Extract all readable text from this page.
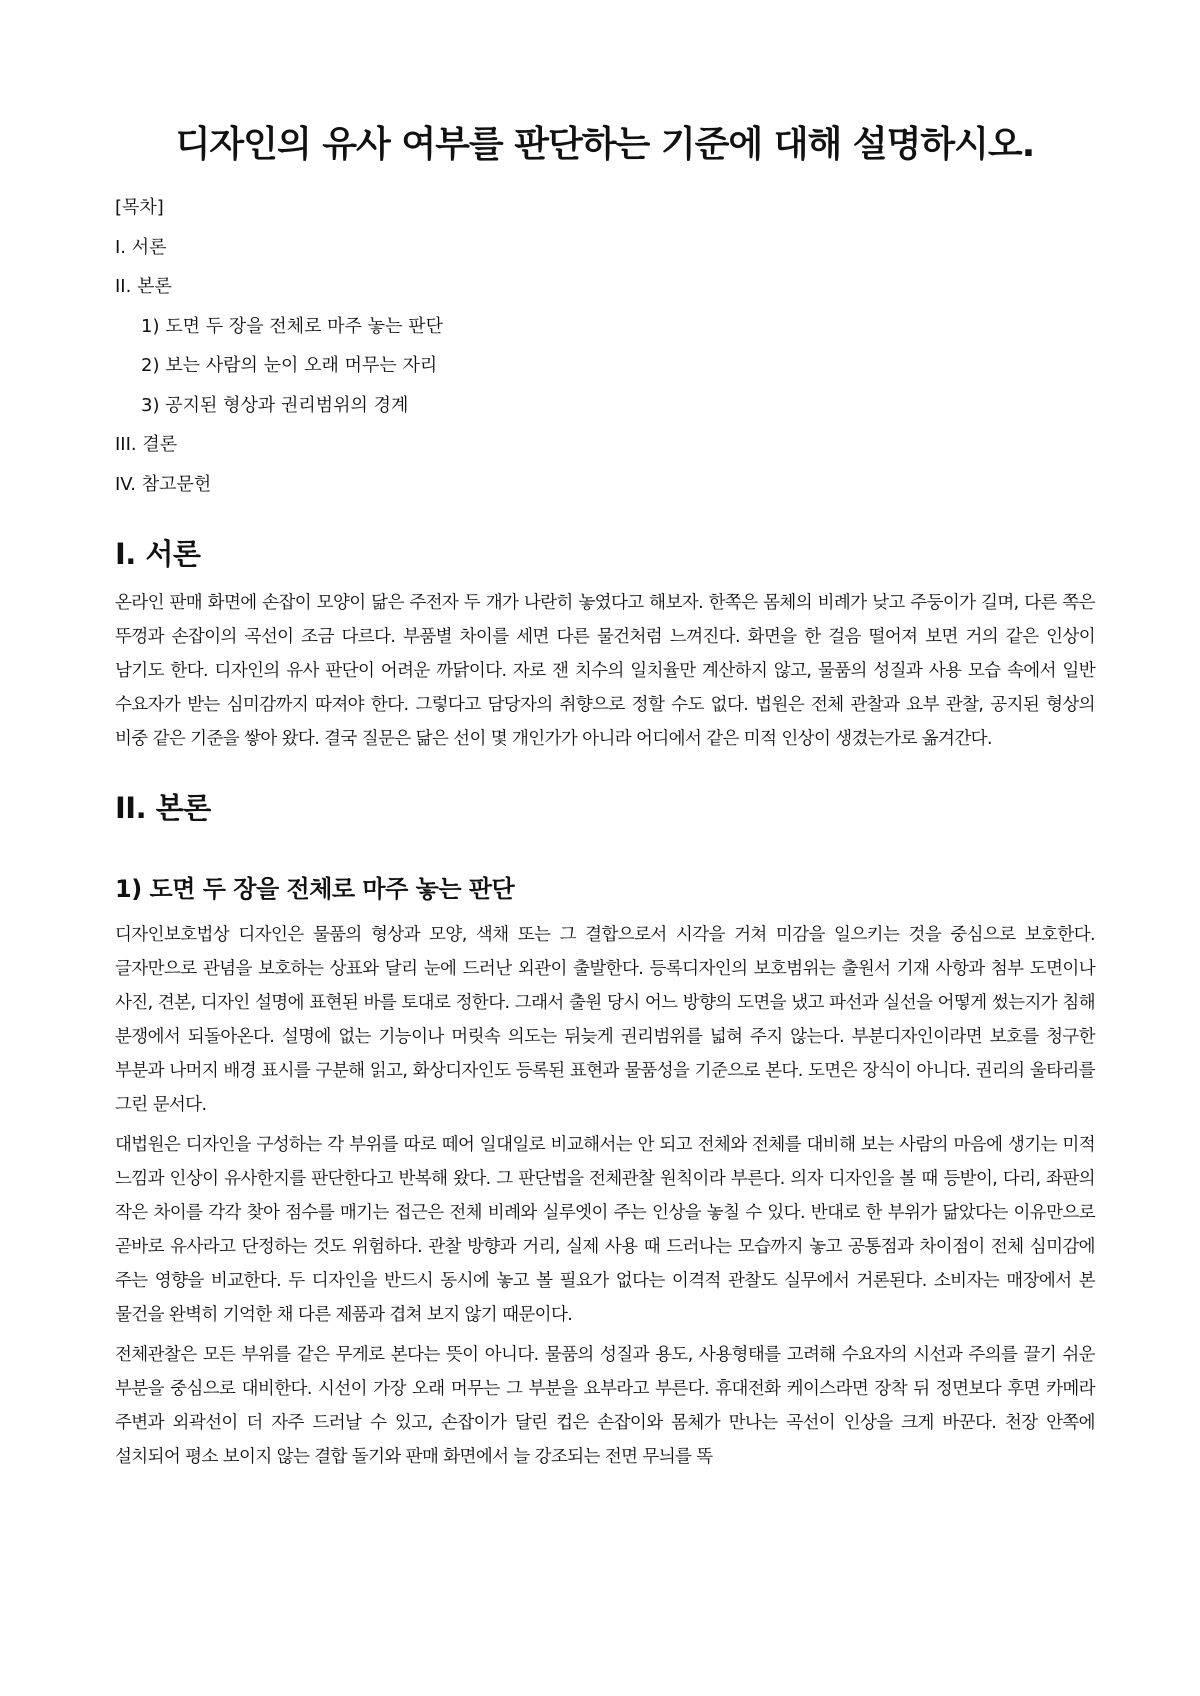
디자인의 유사 여부를 판단하는 기준에 대해 설명하시오.
[목차]
I. 서론
II. 본론
1) 도면 두 장을 전체로 마주 놓는 판단
2) 보는 사람의 눈이 오래 머무는 자리
3) 공지된 형상과 권리범위의 경계
III. 결론
IV. 참고문헌
I. 서론

온라인 판매 화면에 손잡이 모양이 닮은 주전자 두 개가 나란히 놓였다고 해보자. 한쪽은 몸체의 비례가 낮고 주둥이가 길며, 다른 쪽은 뚜껑과 손잡이의 곡선이 조금 다르다. 부품별 차이를 세면 다른 물건처럼 느껴진다. 화면을 한 걸음 떨어져 보면 거의 같은 인상이 남기도 한다. 디자인의 유사 판단이 어려운 까닭이다. 자로 잰 치수의 일치율만 계산하지 않고, 물품의 성질과 사용 모습 속에서 일반 수요자가 받는 심미감까지 따져야 한다. 그렇다고 담당자의 취향으로 정할 수도 없다. 법원은 전체 관찰과 요부 관찰, 공지된 형상의 비중 같은 기준을 쌓아 왔다. 결국 질문은 닮은 선이 몇 개인가가 아니라 어디에서 같은 미적 인상이 생겼는가로 옮겨간다.

II. 본론
1) 도면 두 장을 전체로 마주 놓는 판단

디자인보호법상 디자인은 물품의 형상과 모양, 색채 또는 그 결합으로서 시각을 거쳐 미감을 일으키는 것을 중심으로 보호한다. 글자만으로 관념을 보호하는 상표와 달리 눈에 드러난 외관이 출발한다. 등록디자인의 보호범위는 출원서 기재 사항과 첨부 도면이나 사진, 견본, 디자인 설명에 표현된 바를 토대로 정한다. 그래서 출원 당시 어느 방향의 도면을 냈고 파선과 실선을 어떻게 썼는지가 침해 분쟁에서 되돌아온다. 설명에 없는 기능이나 머릿속 의도는 뒤늦게 권리범위를 넓혀 주지 않는다. 부분디자인이라면 보호를 청구한 부분과 나머지 배경 표시를 구분해 읽고, 화상디자인도 등록된 표현과 물품성을 기준으로 본다. 도면은 장식이 아니다. 권리의 울타리를 그린 문서다.

대법원은 디자인을 구성하는 각 부위를 따로 떼어 일대일로 비교해서는 안 되고 전체와 전체를 대비해 보는 사람의 마음에 생기는 미적 느낌과 인상이 유사한지를 판단한다고 반복해 왔다. 그 판단법을 전체관찰 원칙이라 부른다. 의자 디자인을 볼 때 등받이, 다리, 좌판의 작은 차이를 각각 찾아 점수를 매기는 접근은 전체 비례와 실루엣이 주는 인상을 놓칠 수 있다. 반대로 한 부위가 닮았다는 이유만으로 곧바로 유사라고 단정하는 것도 위험하다. 관찰 방향과 거리, 실제 사용 때 드러나는 모습까지 놓고 공통점과 차이점이 전체 심미감에 주는 영향을 비교한다. 두 디자인을 반드시 동시에 놓고 볼 필요가 없다는 이격적 관찰도 실무에서 거론된다. 소비자는 매장에서 본 물건을 완벽히 기억한 채 다른 제품과 겹쳐 보지 않기 때문이다.

전체관찰은 모든 부위를 같은 무게로 본다는 뜻이 아니다. 물품의 성질과 용도, 사용형태를 고려해 수요자의 시선과 주의를 끌기 쉬운 부분을 중심으로 대비한다. 시선이 가장 오래 머무는 그 부분을 요부라고 부른다. 휴대전화 케이스라면 장착 뒤 정면보다 후면 카메라 주변과 외곽선이 더 자주 드러날 수 있고, 손잡이가 달린 컵은 손잡이와 몸체가 만나는 곡선이 인상을 크게 바꾼다. 천장 안쪽에 설치되어 평소 보이지 않는 결합 돌기와 판매 화면에서 늘 강조되는 전면 무늬를 똑
